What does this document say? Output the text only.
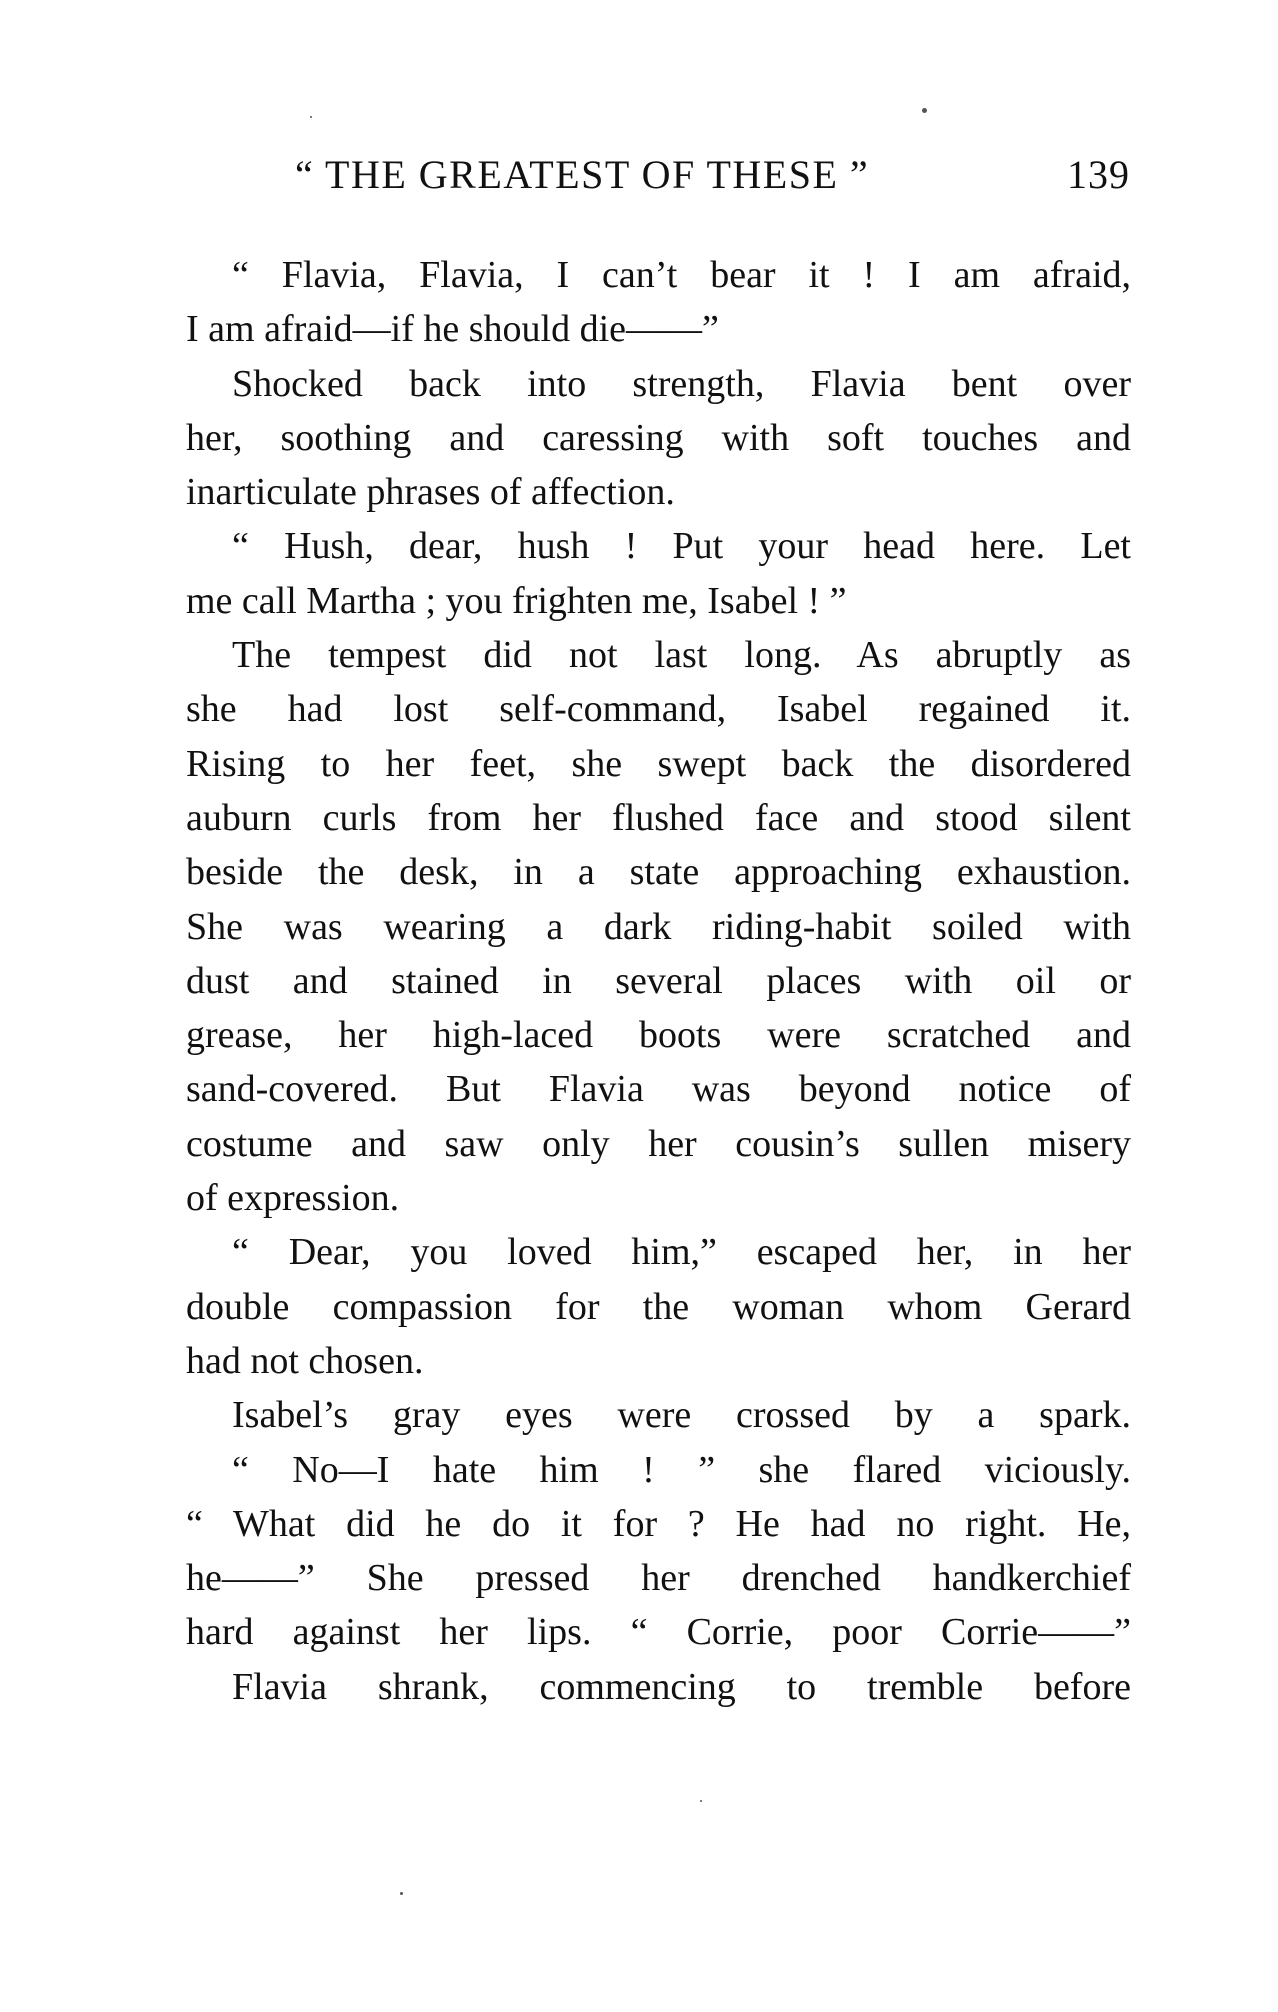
“ THE GREATEST OF THESE ”	139
“ Flavia, Flavia, I can’t bear it ! I am afraid,
I am afraid—if he should die——”
Shocked back into strength, Flavia bent over
her, soothing and caressing with soft touches and
inarticulate phrases of affection.
“ Hush, dear, hush ! Put your head here. Let
me call Martha ; you frighten me, Isabel ! ”
The tempest did not last long. As abruptly as
she had lost self-command, Isabel regained it.
Rising to her feet, she swept back the disordered
auburn curls from her flushed face and stood silent
beside the desk, in a state approaching exhaustion.
She was wearing a dark riding-habit soiled with
dust and stained in several places with oil or
grease, her high-laced boots were scratched and
sand-covered. But Flavia was beyond notice of
costume and saw only her cousin’s sullen misery
of expression.
“ Dear, you loved him,” escaped her, in her
double compassion for the woman whom Gerard
had not chosen.
Isabel’s gray eyes were crossed by a spark.
“ No—I hate him ! ” she flared viciously.
“ What did he do it for ? He had no right. He,
he——” She pressed her drenched handkerchief
hard against her lips. “ Corrie, poor Corrie——”
Flavia shrank, commencing to tremble before
